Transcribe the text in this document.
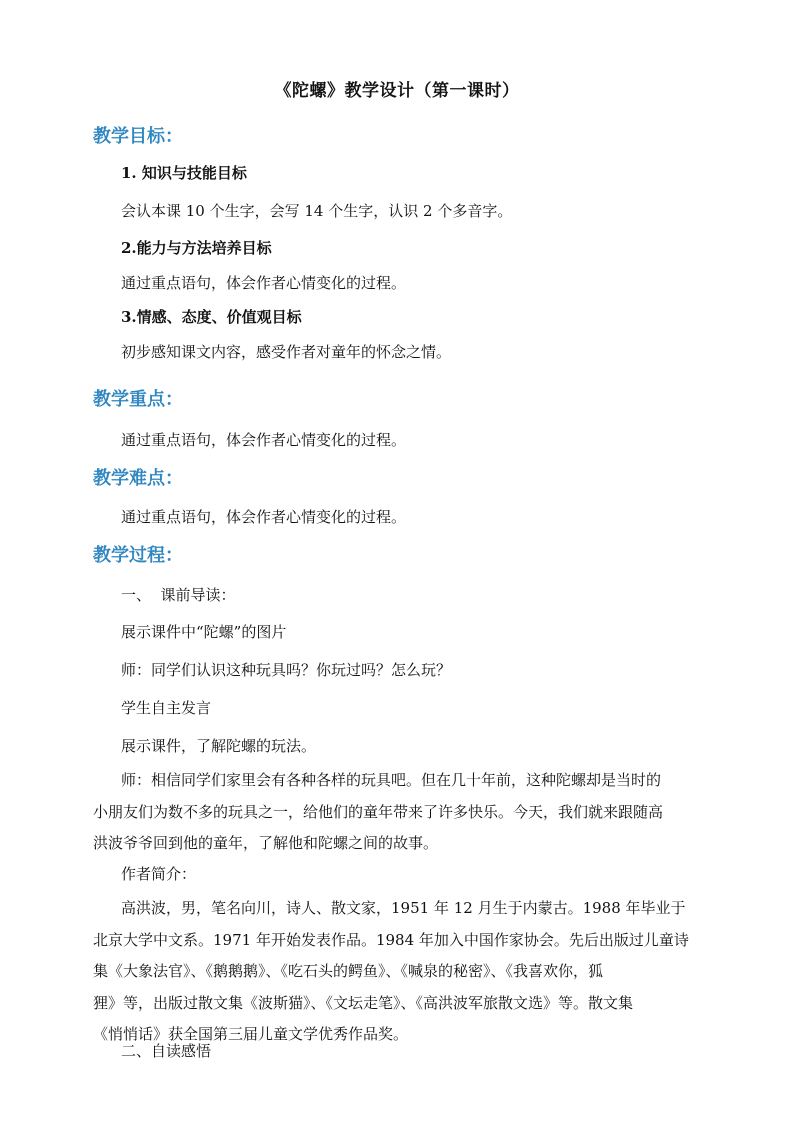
《陀螺》教学设计（第一课时）
教学目标：
1. 知识与技能目标
会认本课 10 个生字，会写 14 个生字，认识 2 个多音字。
2.能力与方法培养目标
通过重点语句，体会作者心情变化的过程。
3.情感、态度、价值观目标
初步感知课文内容，感受作者对童年的怀念之情。
教学重点：
通过重点语句，体会作者心情变化的过程。
教学难点：
通过重点语句，体会作者心情变化的过程。
教学过程：
一、  课前导读：
展示课件中“陀螺”的图片
师：同学们认识这种玩具吗？你玩过吗？怎么玩？
学生自主发言
展示课件，了解陀螺的玩法。
师：相信同学们家里会有各种各样的玩具吧。但在几十年前，这种陀螺却是当时的
小朋友们为数不多的玩具之一，给他们的童年带来了许多快乐。今天，我们就来跟随高
洪波爷爷回到他的童年，了解他和陀螺之间的故事。
作者简介：
高洪波，男，笔名向川，诗人、散文家，1951 年 12 月生于内蒙古。1988 年毕业于
北京大学中文系。1971 年开始发表作品。1984 年加入中国作家协会。先后出版过儿童诗
集《大象法官》、《鹅鹅鹅》、《吃石头的鳄鱼》、《喊泉的秘密》、《我喜欢你，狐
狸》等，出版过散文集《波斯猫》、《文坛走笔》、《高洪波军旅散文选》等。散文集
《悄悄话》获全国第三届儿童文学优秀作品奖。
二、自读感悟
